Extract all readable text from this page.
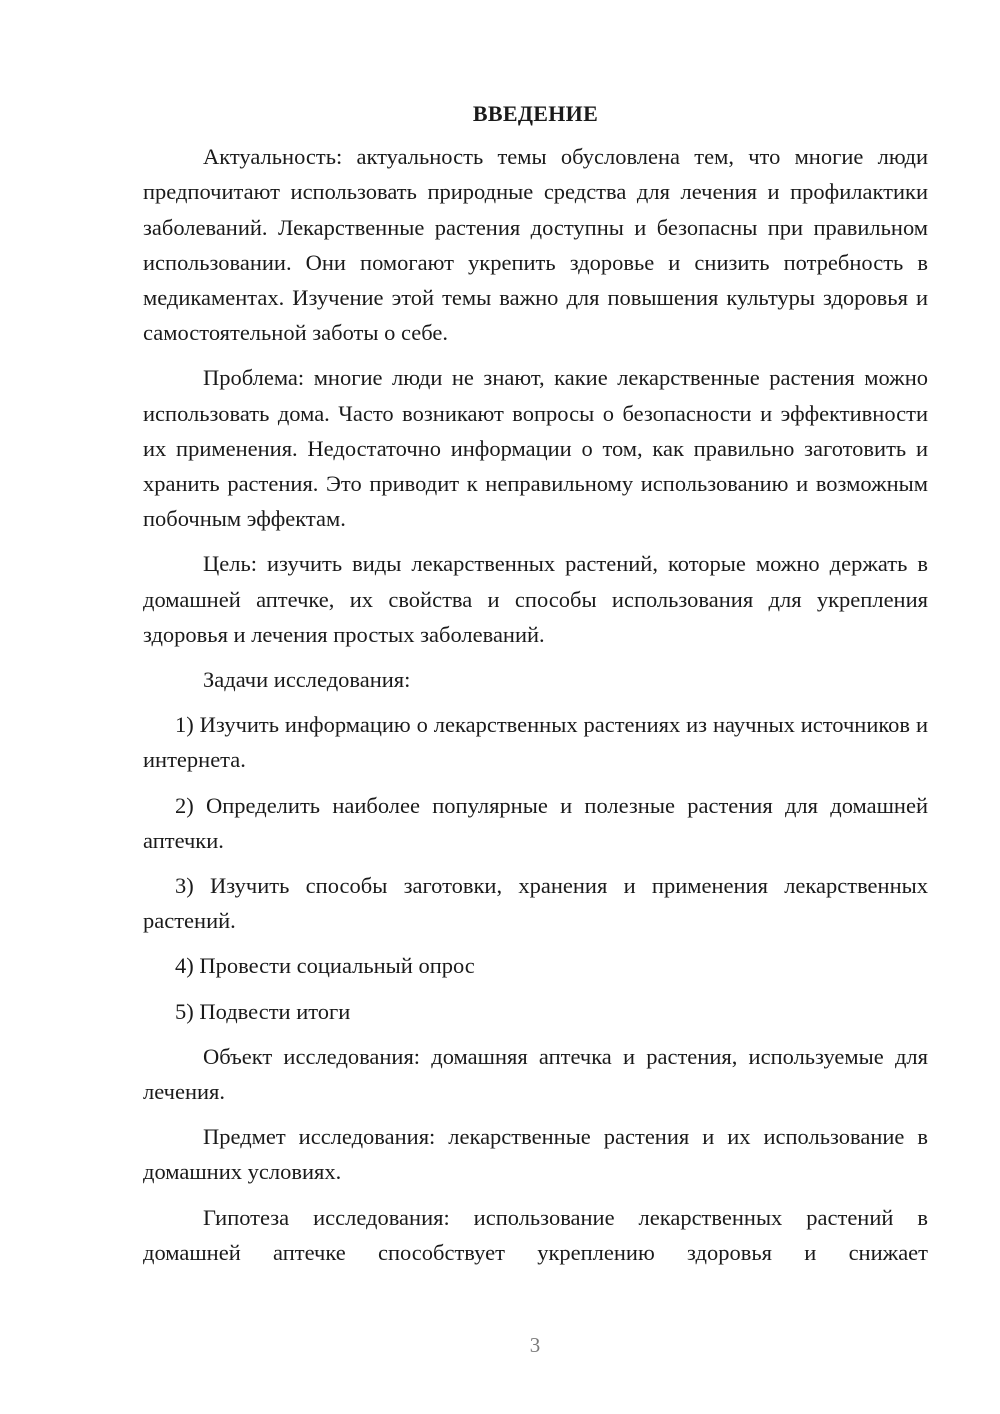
ВВЕДЕНИЕ

Актуальность: актуальность темы обусловлена тем, что многие люди предпочитают использовать природные средства для лечения и профилактики заболеваний. Лекарственные растения доступны и безопасны при правильном использовании. Они помогают укрепить здоровье и снизить потребность в медикаментах. Изучение этой темы важно для повышения культуры здоровья и самостоятельной заботы о себе.

Проблема: многие люди не знают, какие лекарственные растения можно использовать дома. Часто возникают вопросы о безопасности и эффективности их применения. Недостаточно информации о том, как правильно заготовить и хранить растения. Это приводит к неправильному использованию и возможным побочным эффектам.

Цель: изучить виды лекарственных растений, которые можно держать в домашней аптечке, их свойства и способы использования для укрепления здоровья и лечения простых заболеваний.

Задачи исследования:

1) Изучить информацию о лекарственных растениях из научных источников и интернета.

2) Определить наиболее популярные и полезные растения для домашней аптечки.

3) Изучить способы заготовки, хранения и применения лекарственных растений.

4) Провести социальный опрос

5) Подвести итоги

Объект исследования: домашняя аптечка и растения, используемые для лечения.

Предмет исследования: лекарственные растения и их использование в домашних условиях.

Гипотеза исследования: использование лекарственных растений в домашней аптечке способствует укреплению здоровья и снижает

3
